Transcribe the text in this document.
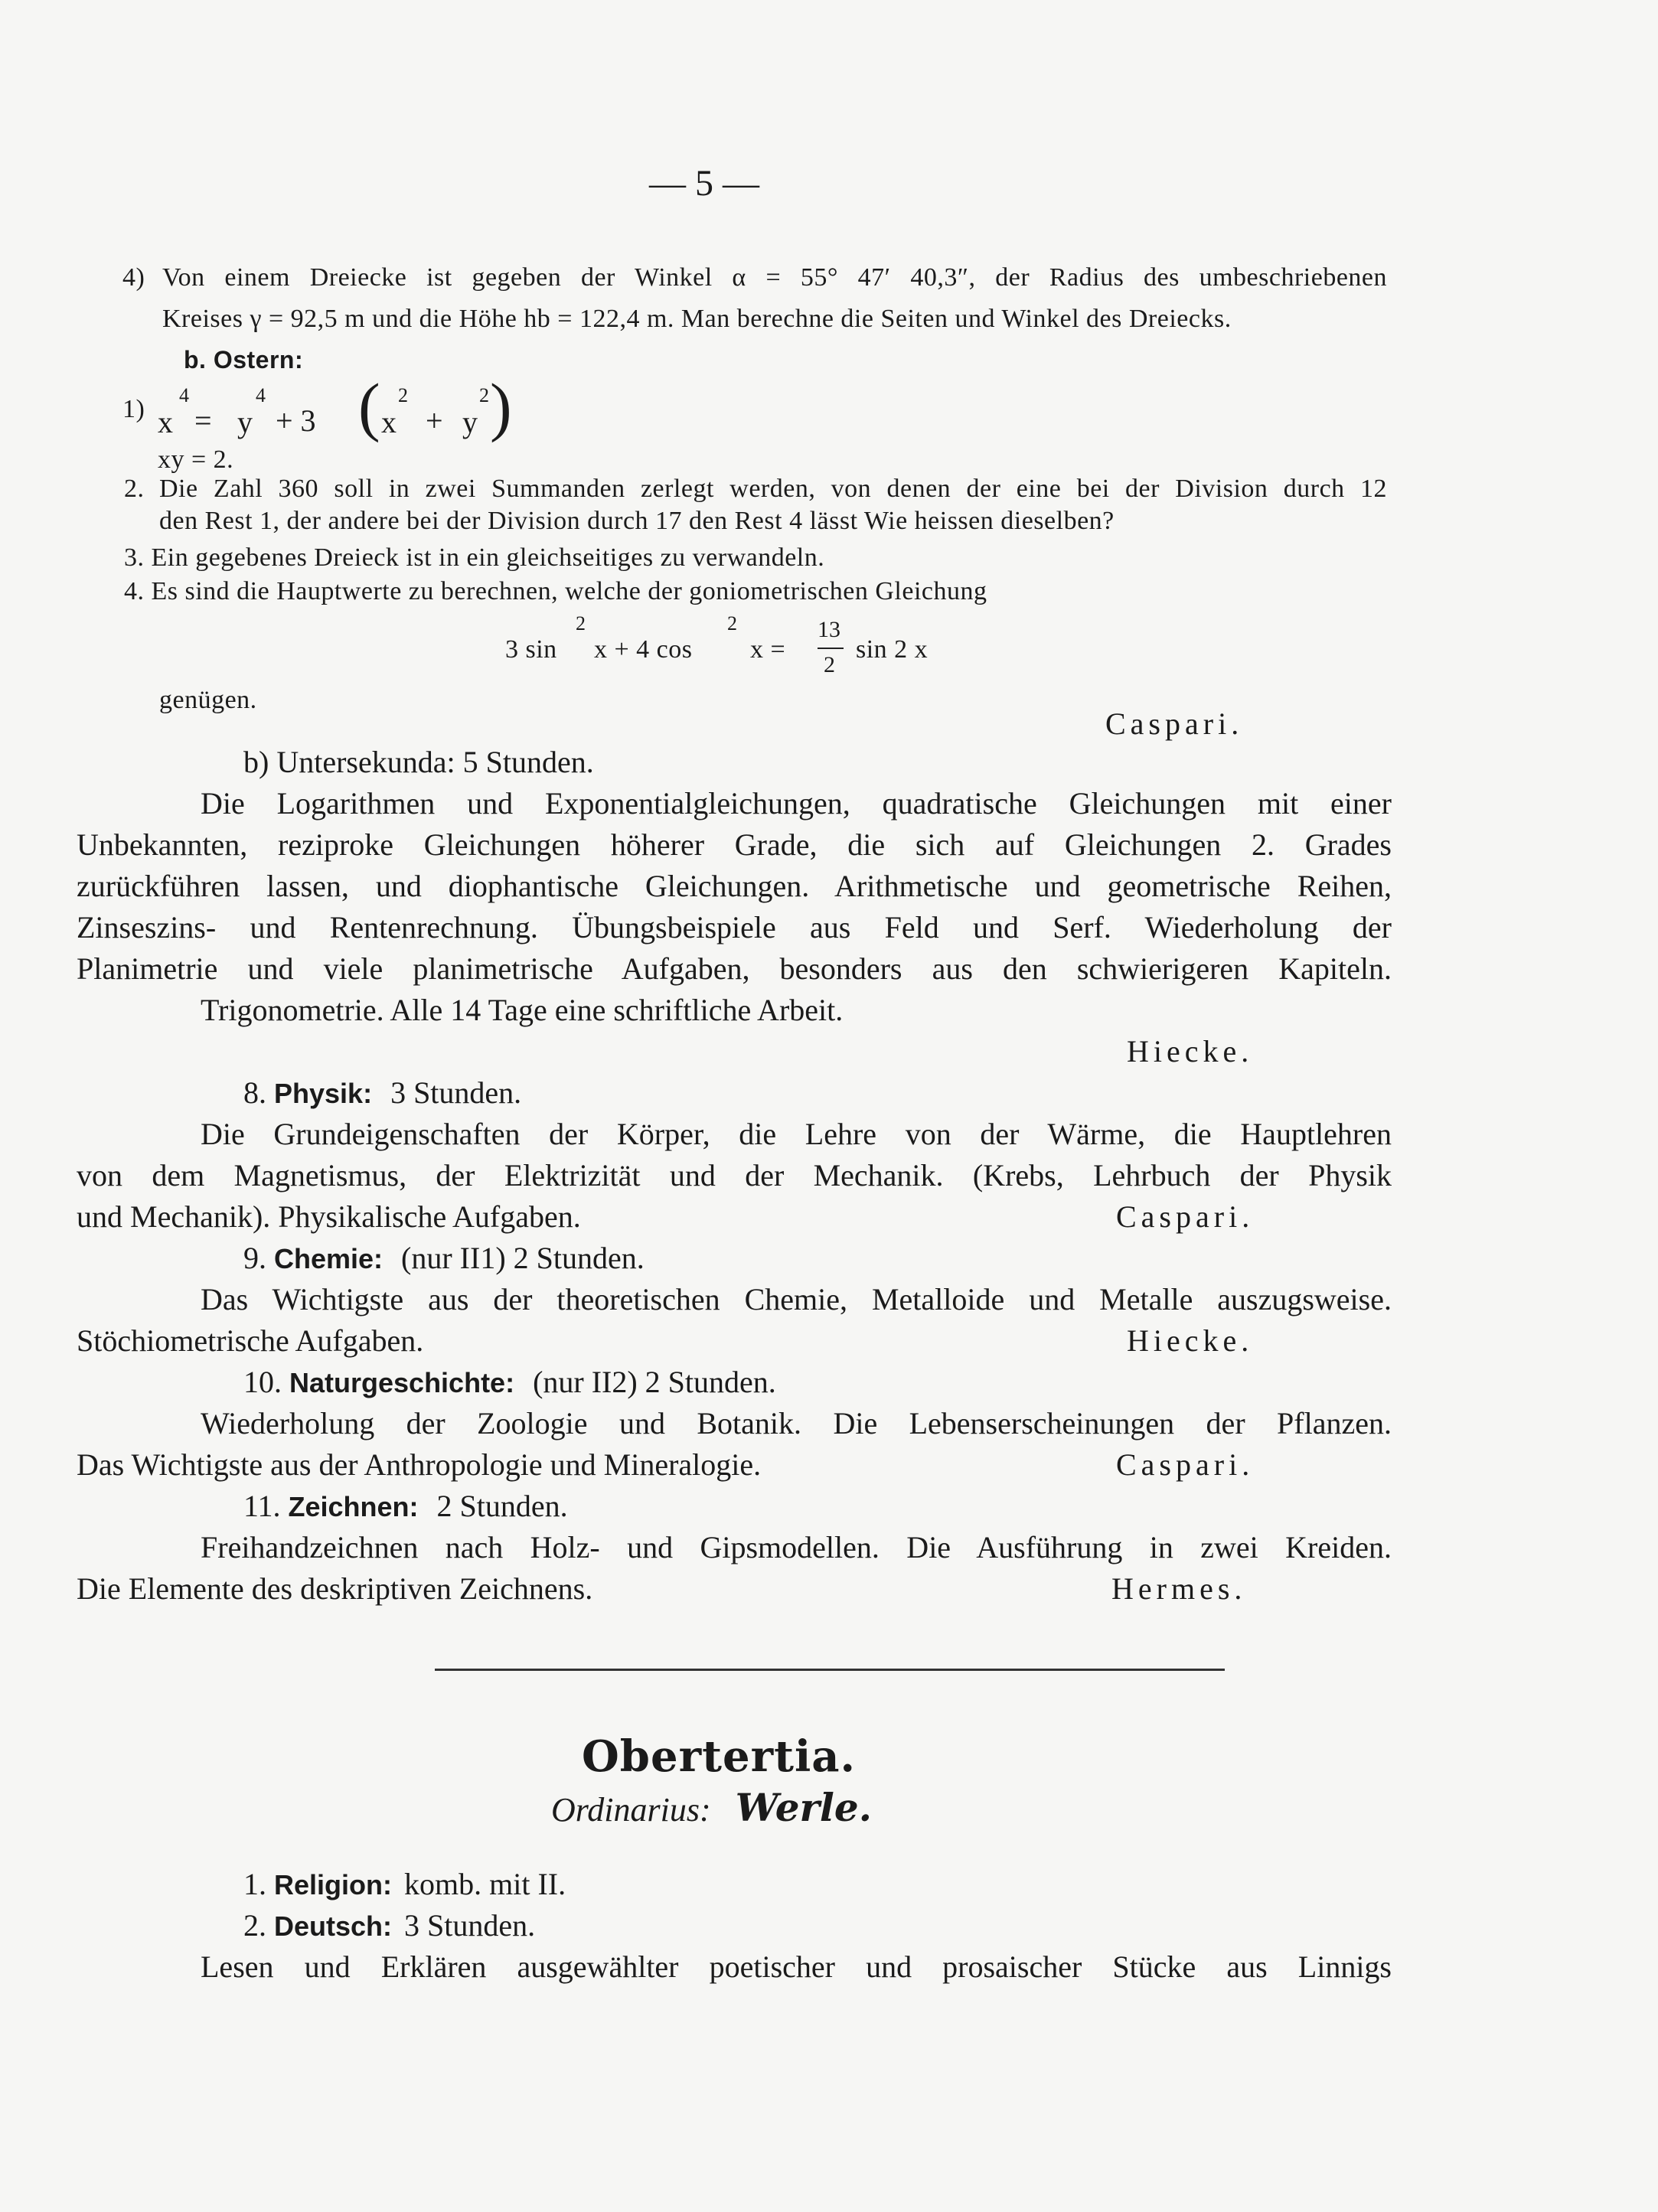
— 5 —
4) Von einem Dreiecke ist gegeben der Winkel α = 55° 47′ 40,3″, der Radius des umbeschriebenen
Kreises γ = 92,5 m und die Höhe hb = 122,4 m. Man berechne die Seiten und Winkel des Dreiecks.
b. Ostern:
1) x
4
= y
4
+ 3 ( x
2
+ y
2 )
xy = 2.
2. Die Zahl 360 soll in zwei Summanden zerlegt werden, von denen der eine bei der Division durch 12
den Rest 1, der andere bei der Division durch 17 den Rest 4 lässt Wie heissen dieselben?
3. Ein gegebenes Dreieck ist in ein gleichseitiges zu verwandeln.
4. Es sind die Hauptwerte zu berechnen, welche der goniometrischen Gleichung
3 sin
2
x + 4 cos
2
x =
13
2
sin 2 x
genügen.
Caspari.
b) Untersekunda: 5 Stunden.
Die Logarithmen und Exponentialgleichungen, quadratische Gleichungen mit einer
Unbekannten, reziproke Gleichungen höherer Grade, die sich auf Gleichungen 2. Grades
zurückführen lassen, und diophantische Gleichungen. Arithmetische und geometrische Reihen,
Zinseszins- und Rentenrechnung. Übungsbeispiele aus Feld und Serf. Wiederholung der
Planimetrie und viele planimetrische Aufgaben, besonders aus den schwierigeren Kapiteln.
Trigonometrie. Alle 14 Tage eine schriftliche Arbeit.
Hiecke.
8. Physik: 3 Stunden.
Die Grundeigenschaften der Körper, die Lehre von der Wärme, die Hauptlehren
von dem Magnetismus, der Elektrizität und der Mechanik. (Krebs, Lehrbuch der Physik
und Mechanik). Physikalische Aufgaben.	Caspari.
9. Chemie: (nur II1) 2 Stunden.
Das Wichtigste aus der theoretischen Chemie, Metalloide und Metalle auszugsweise.
Stöchiometrische Aufgaben.	Hiecke.
10. Naturgeschichte: (nur II2) 2 Stunden.
Wiederholung der Zoologie und Botanik. Die Lebenserscheinungen der Pflanzen.
Das Wichtigste aus der Anthropologie und Mineralogie.	Caspari.
11. Zeichnen: 2 Stunden.
Freihandzeichnen nach Holz- und Gipsmodellen. Die Ausführung in zwei Kreiden.
Die Elemente des deskriptiven Zeichnens.	Hermes.
Obertertia.
Ordinarius: Werle.
1. Religion: komb. mit II.
2. Deutsch: 3 Stunden.
Lesen und Erklären ausgewählter poetischer und prosaischer Stücke aus Linnigs
